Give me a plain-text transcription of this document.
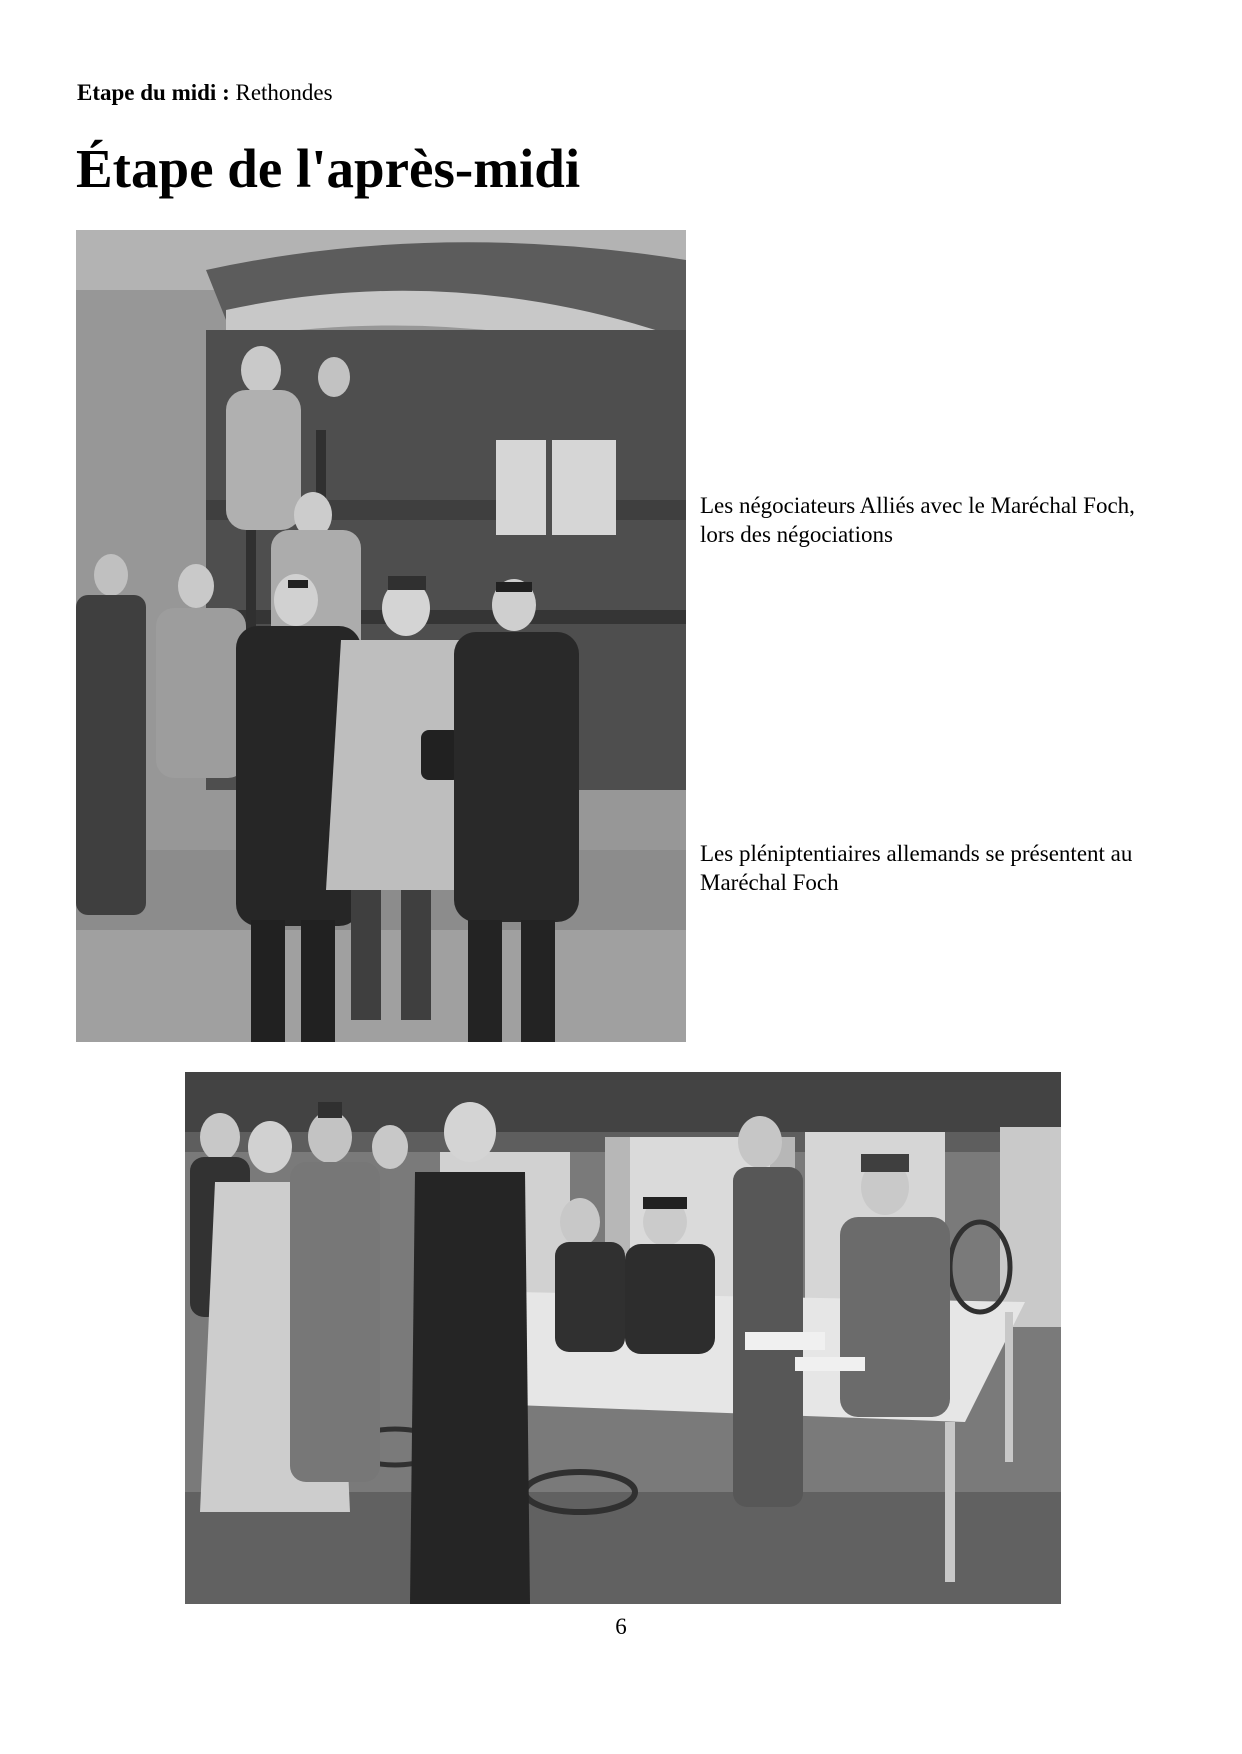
Etape du midi : Rethondes
Étape de l'après-midi
Les négociateurs Alliés avec le Maréchal Foch, lors des négociations
Les pléniptentiaires allemands se présentent au Maréchal Foch
6
